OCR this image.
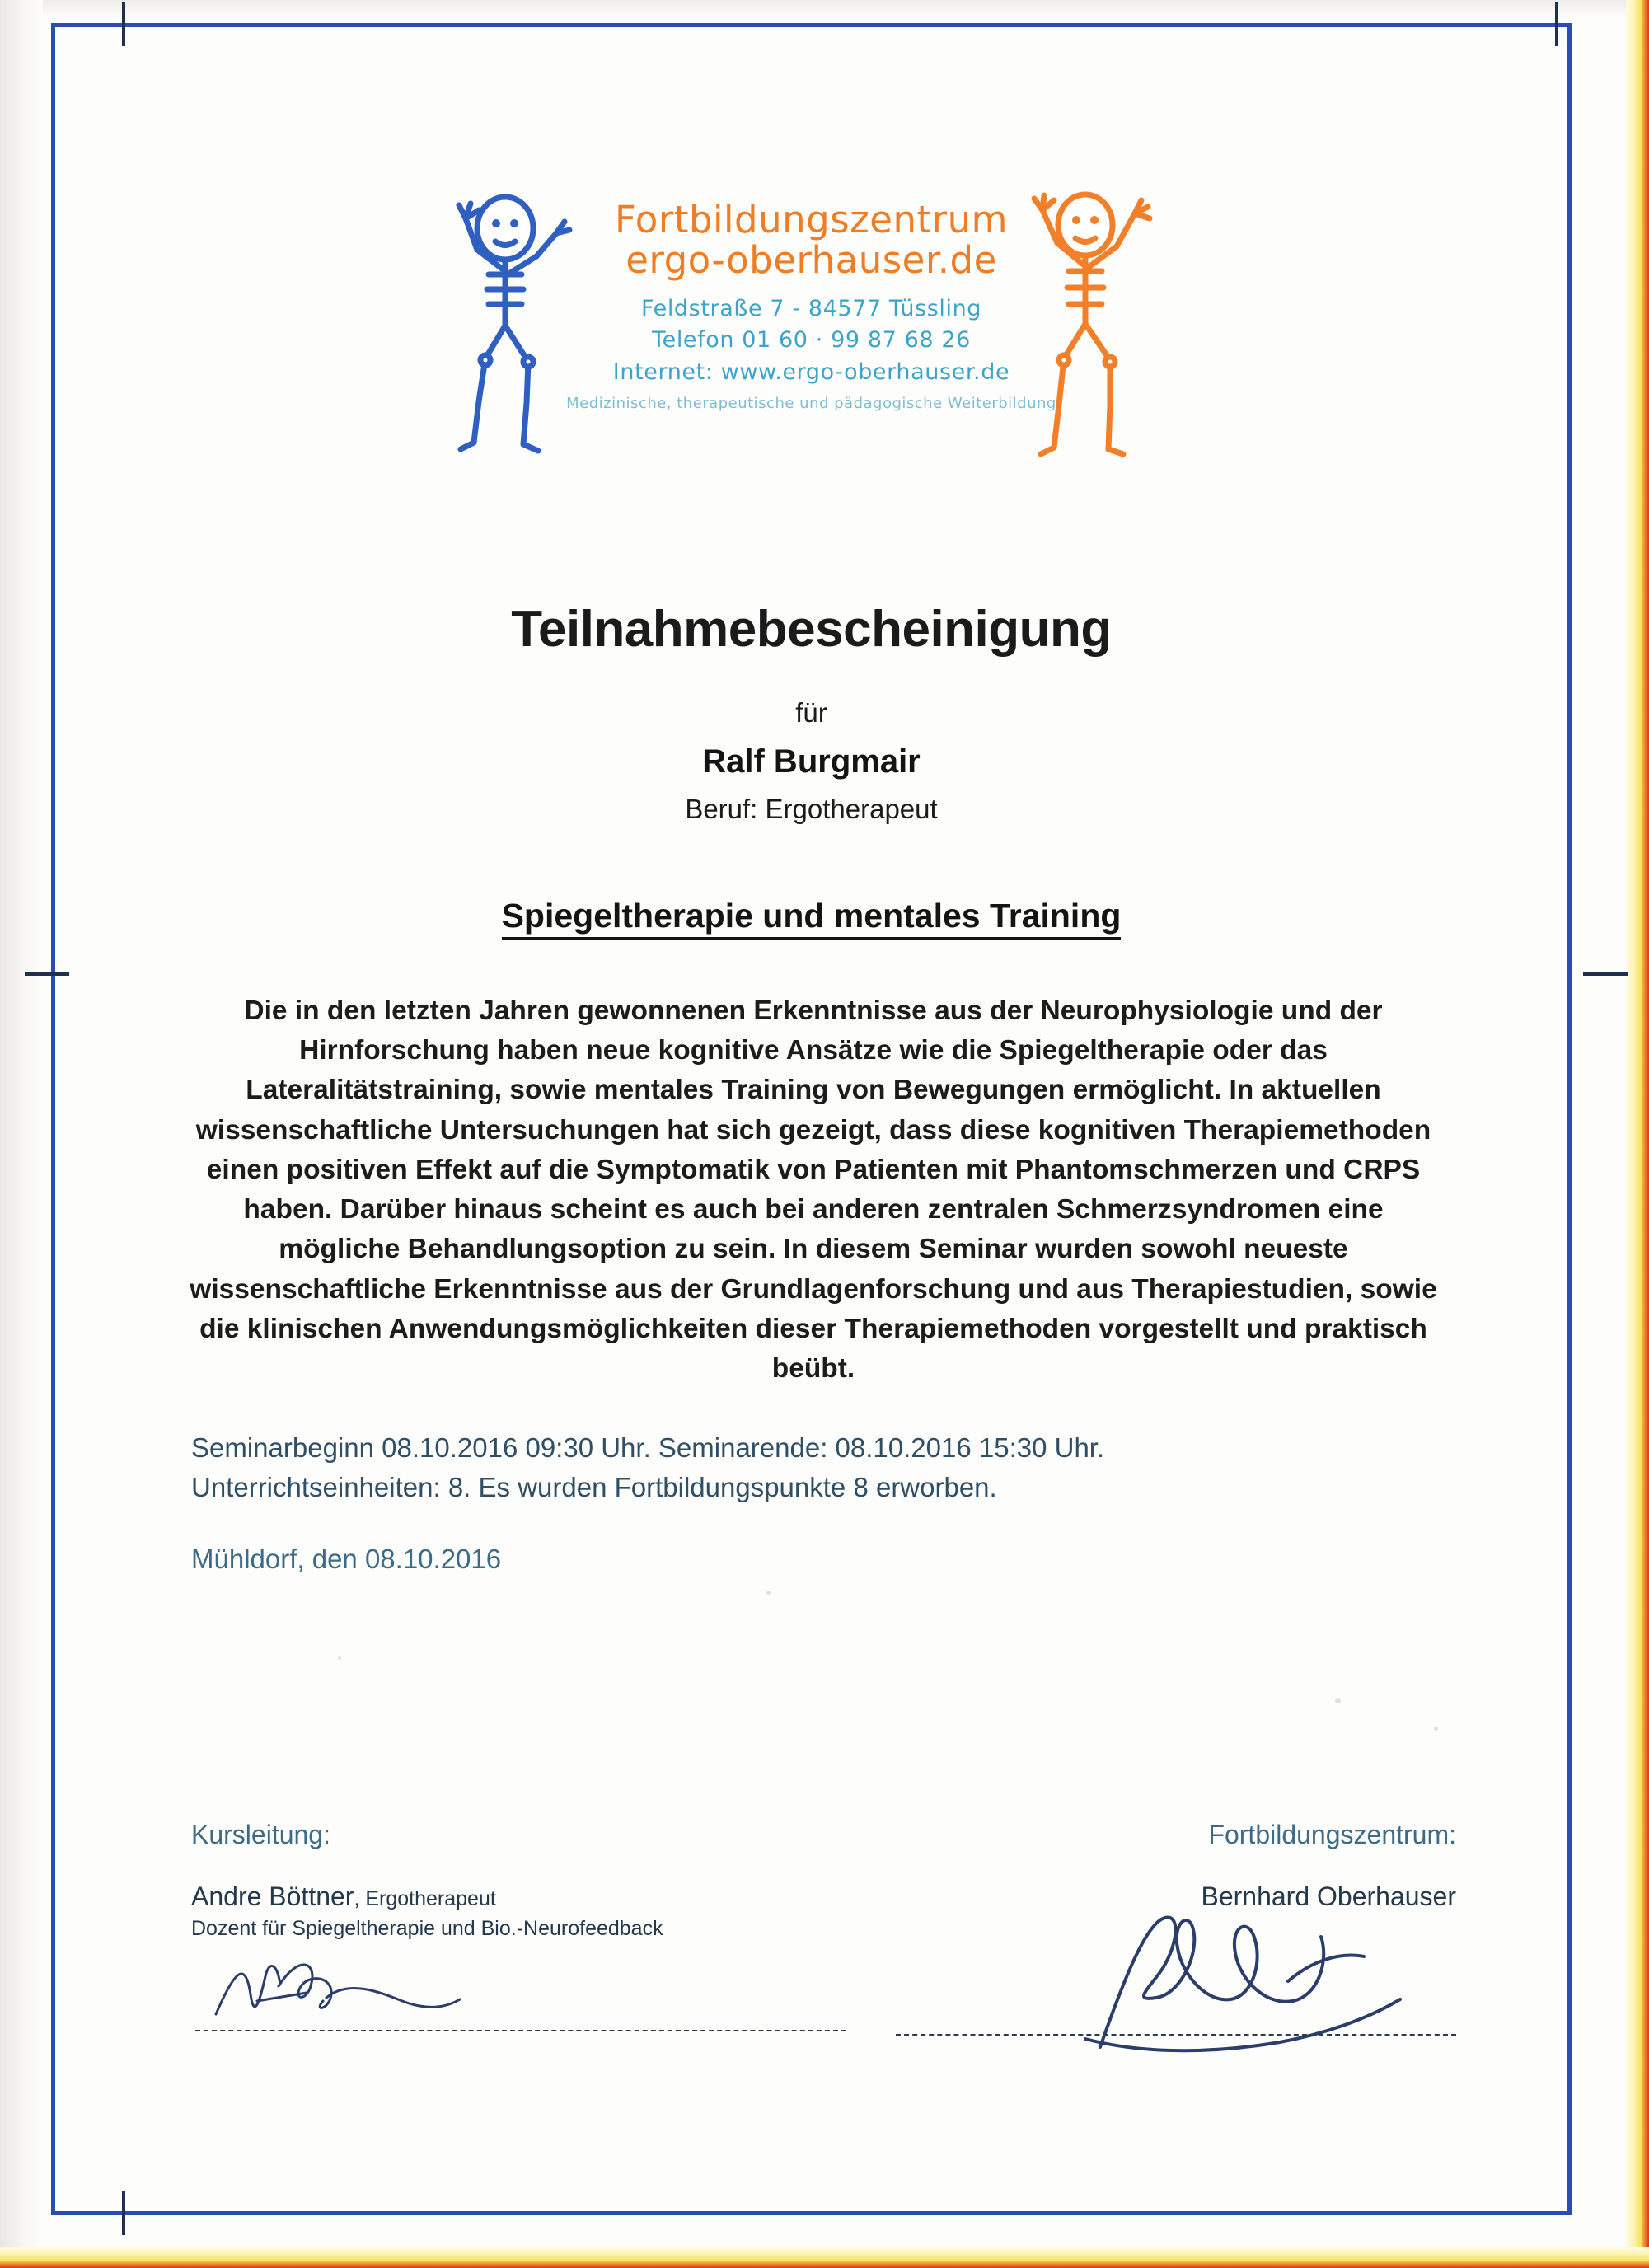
Fortbildungszentrum
ergo-oberhauser.de
Feldstraße 7 - 84577 Tüssling
Telefon 01 60 · 99 87 68 26
Internet: www.ergo-oberhauser.de
Medizinische, therapeutische und pädagogische Weiterbildung
Teilnahmebescheinigung
für
Ralf Burgmair
Beruf: Ergotherapeut
Spiegeltherapie und mentales Training
Die in den letzten Jahren gewonnenen Erkenntnisse aus der Neurophysiologie und der Hirnforschung haben neue kognitive Ansätze wie die Spiegeltherapie oder das Lateralitätstraining, sowie mentales Training von Bewegungen ermöglicht. In aktuellen wissenschaftliche Untersuchungen hat sich gezeigt, dass diese kognitiven Therapiemethoden einen positiven Effekt auf die Symptomatik von Patienten mit Phantomschmerzen und CRPS haben. Darüber hinaus scheint es auch bei anderen zentralen Schmerzsyndromen eine mögliche Behandlungsoption zu sein. In diesem Seminar wurden sowohl neueste wissenschaftliche Erkenntnisse aus der Grundlagenforschung und aus Therapiestudien, sowie die klinischen Anwendungsmöglichkeiten dieser Therapiemethoden vorgestellt und praktisch beübt.
Seminarbeginn 08.10.2016 09:30 Uhr. Seminarende: 08.10.2016 15:30 Uhr.
Unterrichtseinheiten: 8. Es wurden Fortbildungspunkte 8 erworben.
Mühldorf, den 08.10.2016
Kursleitung:
Andre Böttner, Ergotherapeut
Dozent für Spiegeltherapie und Bio.-Neurofeedback
Fortbildungszentrum:
Bernhard Oberhauser
